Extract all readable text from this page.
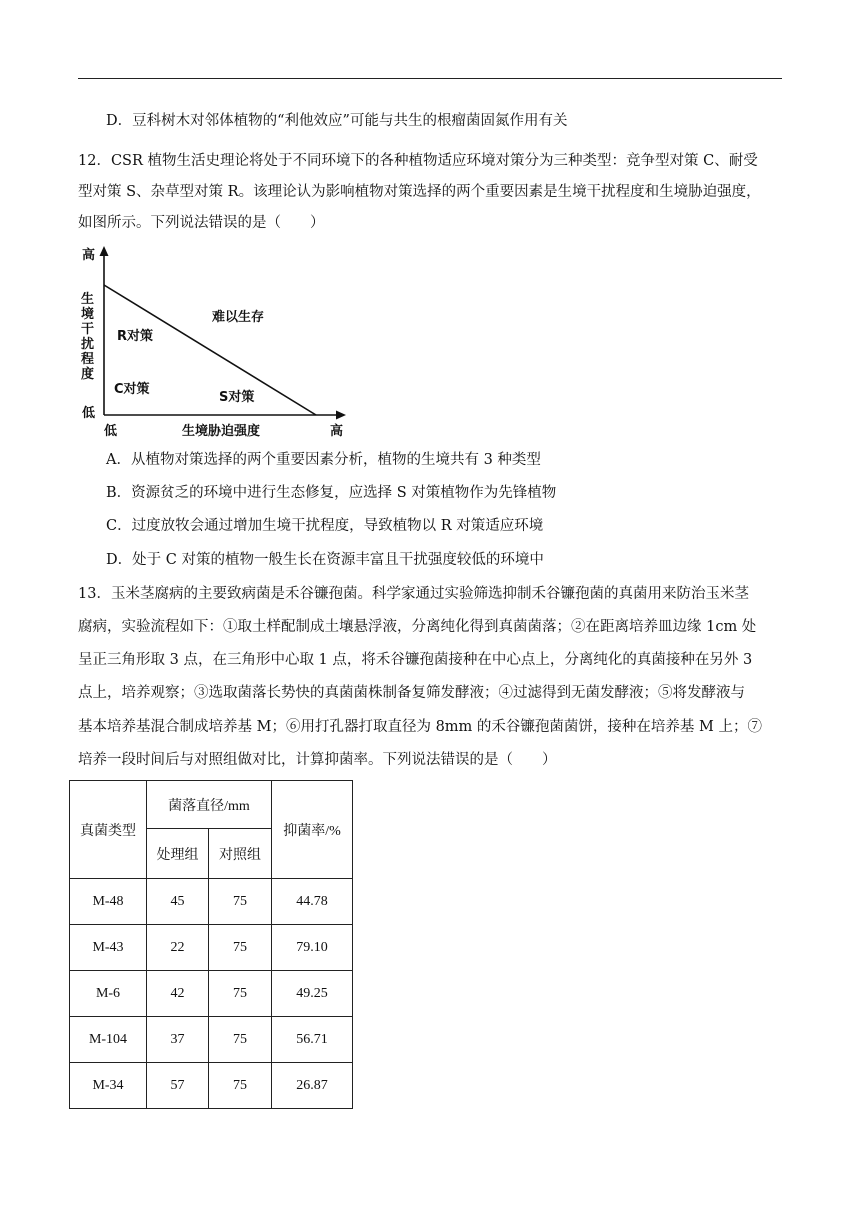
D．豆科树木对邻体植物的“利他效应”可能与共生的根瘤菌固氮作用有关
12．CSR 植物生活史理论将处于不同环境下的各种植物适应环境对策分为三种类型：竞争型对策 C、耐受
型对策 S、杂草型对策 R。该理论认为影响植物对策选择的两个重要因素是生境干扰程度和生境胁迫强度，
如图所示。下列说法错误的是（　　）
高
生境干扰程度
低
低	生境胁迫强度	高
难以生存
R对策
C对策
S对策
A．从植物对策选择的两个重要因素分析，植物的生境共有 3 种类型
B．资源贫乏的环境中进行生态修复，应选择 S 对策植物作为先锋植物
C．过度放牧会通过增加生境干扰程度，导致植物以 R 对策适应环境
D．处于 C 对策的植物一般生长在资源丰富且干扰强度较低的环境中
13．玉米茎腐病的主要致病菌是禾谷镰孢菌。科学家通过实验筛选抑制禾谷镰孢菌的真菌用来防治玉米茎
腐病，实验流程如下：①取土样配制成土壤悬浮液，分离纯化得到真菌菌落；②在距离培养皿边缘 1cm 处
呈正三角形取 3 点，在三角形中心取 1 点，将禾谷镰孢菌接种在中心点上，分离纯化的真菌接种在另外 3
点上，培养观察；③选取菌落长势快的真菌菌株制备复筛发酵液；④过滤得到无菌发酵液；⑤将发酵液与
基本培养基混合制成培养基 M；⑥用打孔器打取直径为 8mm 的禾谷镰孢菌菌饼，接种在培养基 M 上；⑦
培养一段时间后与对照组做对比，计算抑菌率。下列说法错误的是（　　）
真菌类型	菌落直径/mm		抑菌率/%
	处理组	对照组	
M-48	45	75	44.78
M-43	22	75	79.10
M-6	42	75	49.25
M-104	37	75	56.71
M-34	57	75	26.87
